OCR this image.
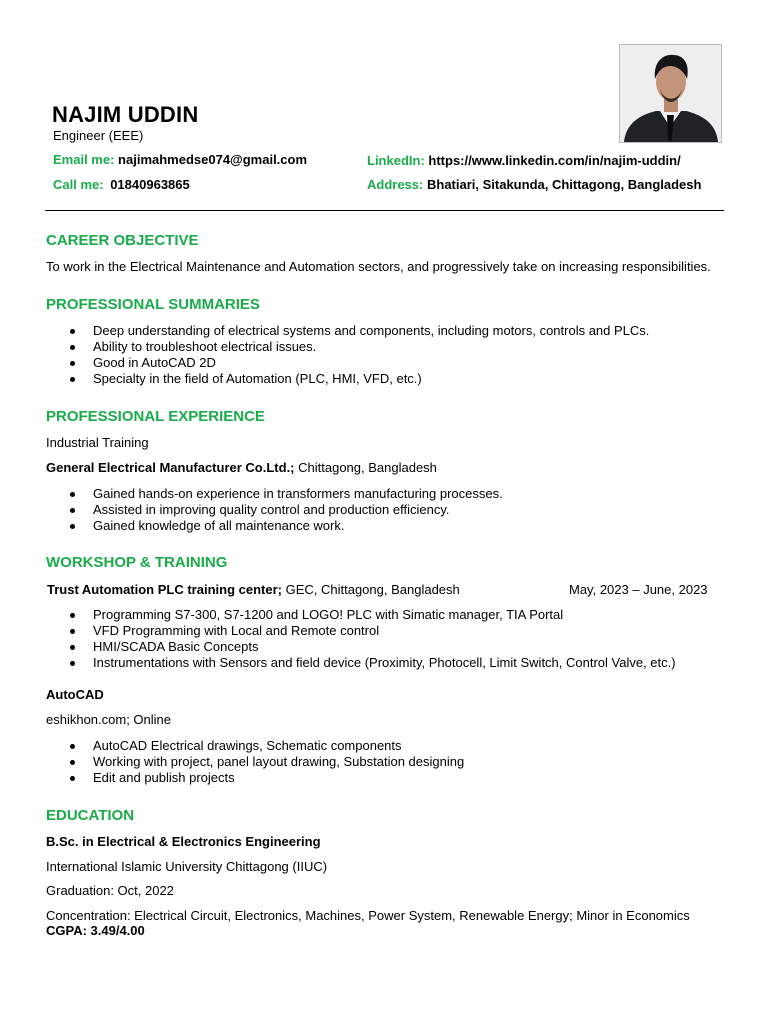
NAJIM UDDIN
Engineer (EEE)
Email me: najimahmedse074@gmail.com
Call me: 01840963865
LinkedIn: https://www.linkedin.com/in/najim-uddin/
Address: Bhatiari, Sitakunda, Chittagong, Bangladesh
CAREER OBJECTIVE
To work in the Electrical Maintenance and Automation sectors, and progressively take on increasing responsibilities.
PROFESSIONAL SUMMARIES
Deep understanding of electrical systems and components, including motors, controls and PLCs.
Ability to troubleshoot electrical issues.
Good in AutoCAD 2D
Specialty in the field of Automation (PLC, HMI, VFD, etc.)
PROFESSIONAL EXPERIENCE
Industrial Training
General Electrical Manufacturer Co.Ltd.; Chittagong, Bangladesh
Gained hands-on experience in transformers manufacturing processes.
Assisted in improving quality control and production efficiency.
Gained knowledge of all maintenance work.
WORKSHOP & TRAINING
Trust Automation PLC training center; GEC, Chittagong, Bangladesh	May, 2023 – June, 2023
Programming S7-300, S7-1200 and LOGO! PLC with Simatic manager, TIA Portal
VFD Programming with Local and Remote control
HMI/SCADA Basic Concepts
Instrumentations with Sensors and field device (Proximity, Photocell, Limit Switch, Control Valve, etc.)
AutoCAD
eshikhon.com; Online
AutoCAD Electrical drawings, Schematic components
Working with project, panel layout drawing, Substation designing
Edit and publish projects
EDUCATION
B.Sc. in Electrical & Electronics Engineering
International Islamic University Chittagong (IIUC)
Graduation: Oct, 2022
Concentration: Electrical Circuit, Electronics, Machines, Power System, Renewable Energy; Minor in Economics
CGPA: 3.49/4.00
